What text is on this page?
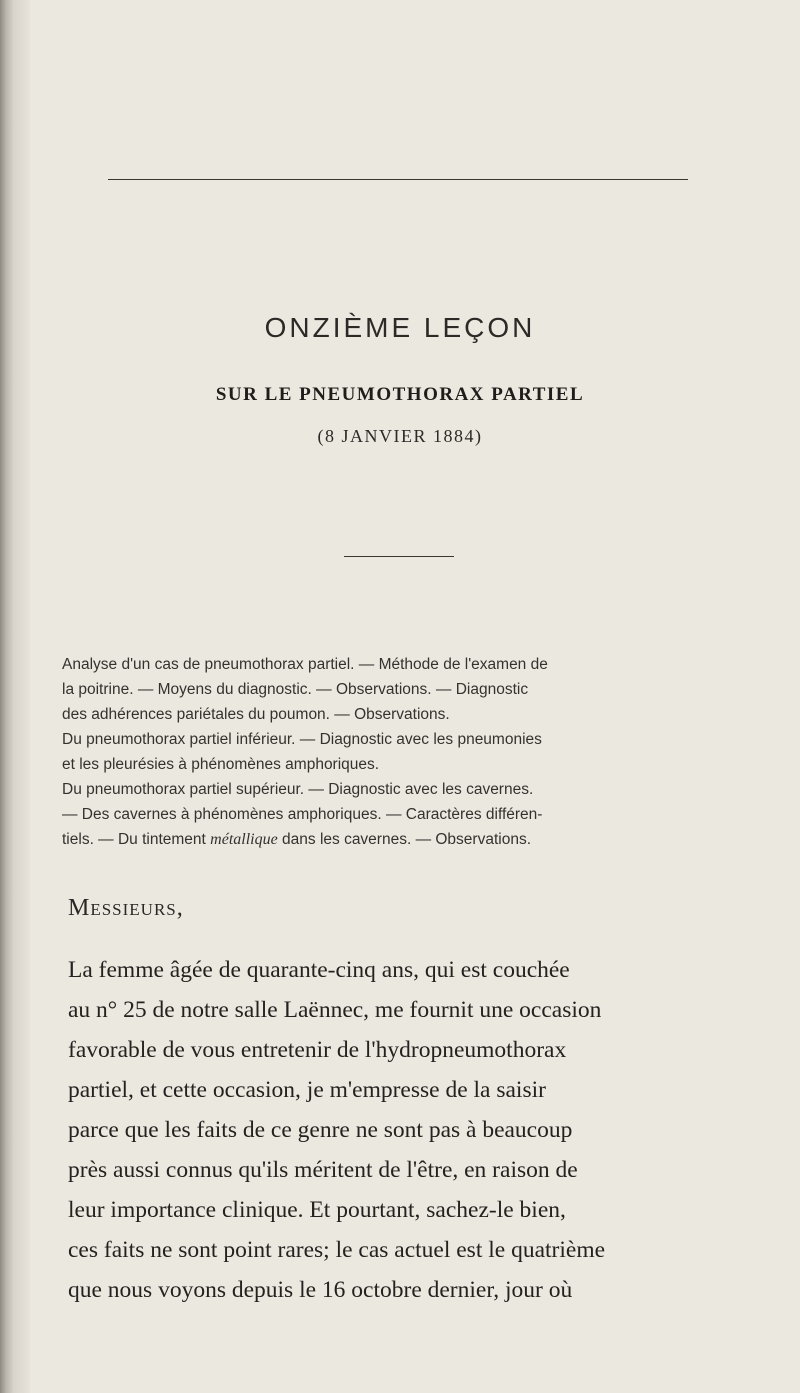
ONZIÈME LEÇON
SUR LE PNEUMOTHORAX PARTIEL
(8 JANVIER 1884)

Analyse d'un cas de pneumothorax partiel. — Méthode de l'examen de

la poitrine. — Moyens du diagnostic. — Observations. — Diagnostic

des adhérences pariétales du poumon. — Observations.

Du pneumothorax partiel inférieur. — Diagnostic avec les pneumonies

et les pleurésies à phénomènes amphoriques.

Du pneumothorax partiel supérieur. — Diagnostic avec les cavernes.

— Des cavernes à phénomènes amphoriques. — Caractères différen-

tiels. — Du tintement métallique dans les cavernes. — Observations.

Messieurs,
La femme âgée de quarante-cinq ans, qui est couchée
au n° 25 de notre salle Laënnec, me fournit une occasion
favorable de vous entretenir de l'hydropneumothorax
partiel, et cette occasion, je m'empresse de la saisir
parce que les faits de ce genre ne sont pas à beaucoup
près aussi connus qu'ils méritent de l'être, en raison de
leur importance clinique. Et pourtant, sachez-le bien,
ces faits ne sont point rares; le cas actuel est le quatrième
que nous voyons depuis le 16 octobre dernier, jour où
